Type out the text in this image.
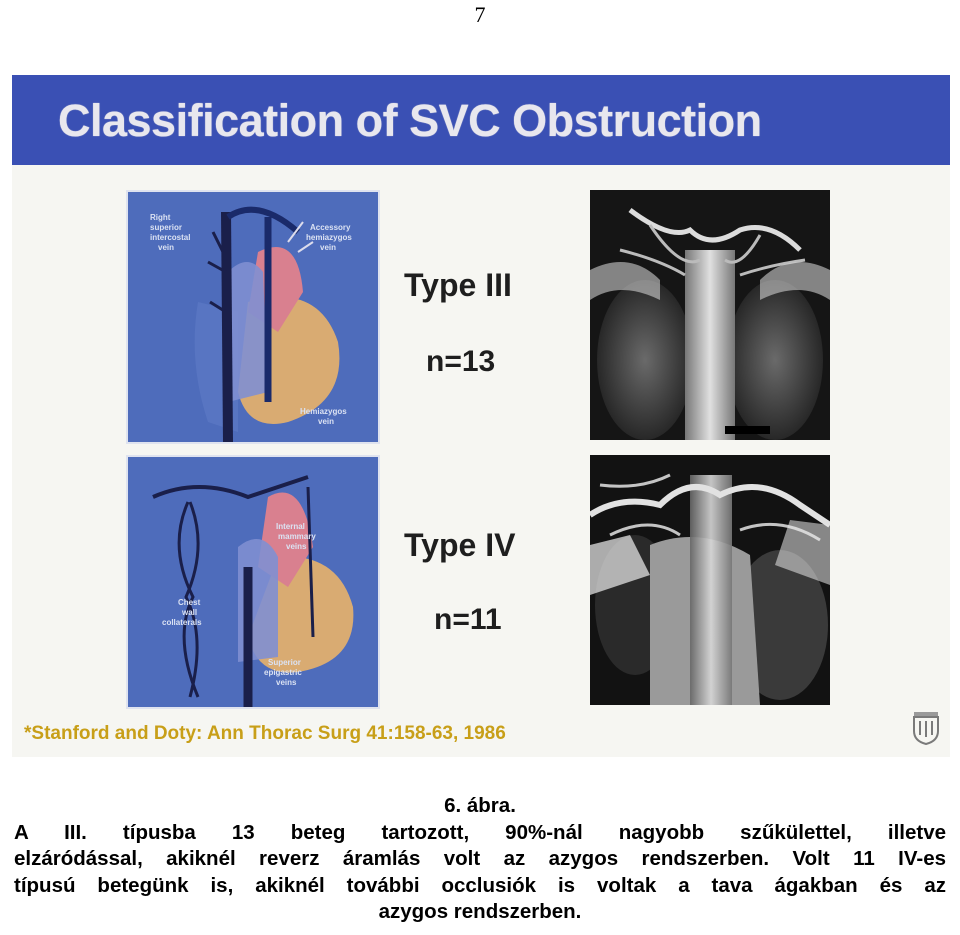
7
Classification of SVC Obstruction
Right superior intercostal vein
Accessory hemiazygos vein
Hemiazygos vein
Internal mammary veins
Chest wall collaterals
Superior epigastric veins
Type III
n=13
Type IV
n=11
*Stanford and Doty: Ann Thorac Surg 41:158-63, 1986
6. ábra.
A III. típusba 13 beteg tartozott, 90%-nál nagyobb szűkülettel, illetve
elzáródással, akiknél reverz áramlás volt az azygos rendszerben. Volt 11 IV-es
típusú betegünk is, akiknél további occlusiók is voltak a tava ágakban és az
azygos rendszerben.
